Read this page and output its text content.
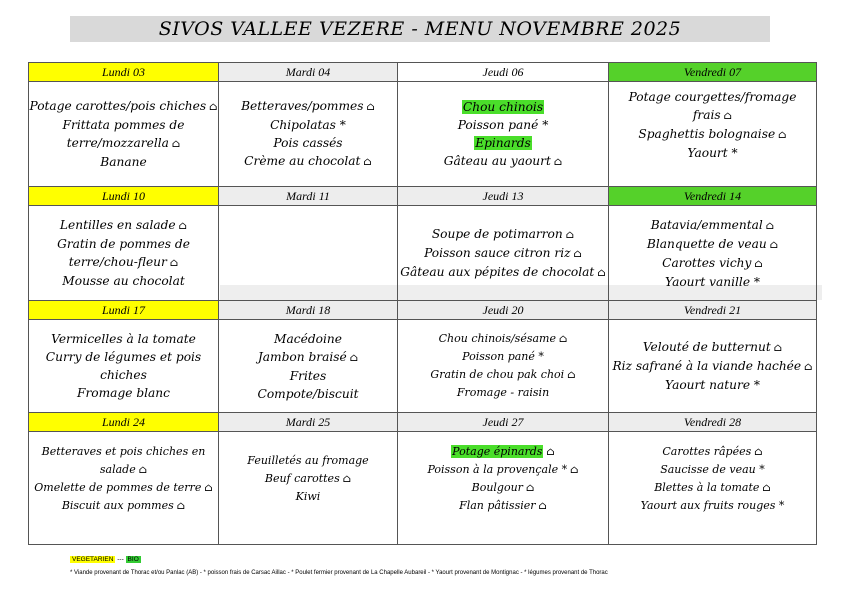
SIVOS VALLEE VEZERE - MENU NOVEMBRE 2025
Lundi 03	Mardi 04	Jeudi 06	Vendredi 07

Potage carottes/pois chiches ⌂
Frittata pommes de
terre/mozzarella ⌂
Banane	Betteraves/pommes ⌂
Chipolatas *
Pois cassés
Crème au chocolat ⌂	Chou chinois
Poisson pané *
Epinards
Gâteau au yaourt ⌂	Potage courgettes/fromage frais ⌂
Spaghettis bolognaise ⌂
Yaourt *

Lundi 10	Mardi 11	Jeudi 13	Vendredi 14

Lentilles en salade ⌂
Gratin de pommes de
terre/chou-fleur ⌂
Mousse au chocolat		Soupe de potimarron ⌂
Poisson sauce citron riz ⌂
Gâteau aux pépites de chocolat ⌂	Batavia/emmental ⌂
Blanquette de veau ⌂
Carottes vichy ⌂
Yaourt vanille *

Lundi 17	Mardi 18	Jeudi 20	Vendredi 21

Vermicelles à la tomate
Curry de légumes et pois chiches
Fromage blanc	Macédoine
Jambon braisé ⌂
Frites
Compote/biscuit	Chou chinois/sésame ⌂
Poisson pané *
Gratin de chou pak choi ⌂
Fromage - raisin	Velouté de butternut ⌂
Riz safrané à la viande hachée ⌂
Yaourt nature *

Lundi 24	Mardi 25	Jeudi 27	Vendredi 28

Betteraves et pois chiches en
salade ⌂
Omelette de pommes de terre ⌂
Biscuit aux pommes ⌂	Feuilletés au fromage
Beuf carottes ⌂
Kiwi	Potage épinards ⌂
Poisson à la provençale * ⌂
Boulgour ⌂
Flan pâtissier ⌂	Carottes râpées ⌂
Saucisse de veau *
Blettes à la tomate ⌂
Yaourt aux fruits rouges *

VEGETARIEN --- BIO
* Viande provenant de Thorac et/ou Panlac (AB) - * poisson frais de Carsac Aillac - * Poulet fermier provenant de La Chapelle Aubareil - * Yaourt provenant de Montignac - * légumes provenant de Thorac
